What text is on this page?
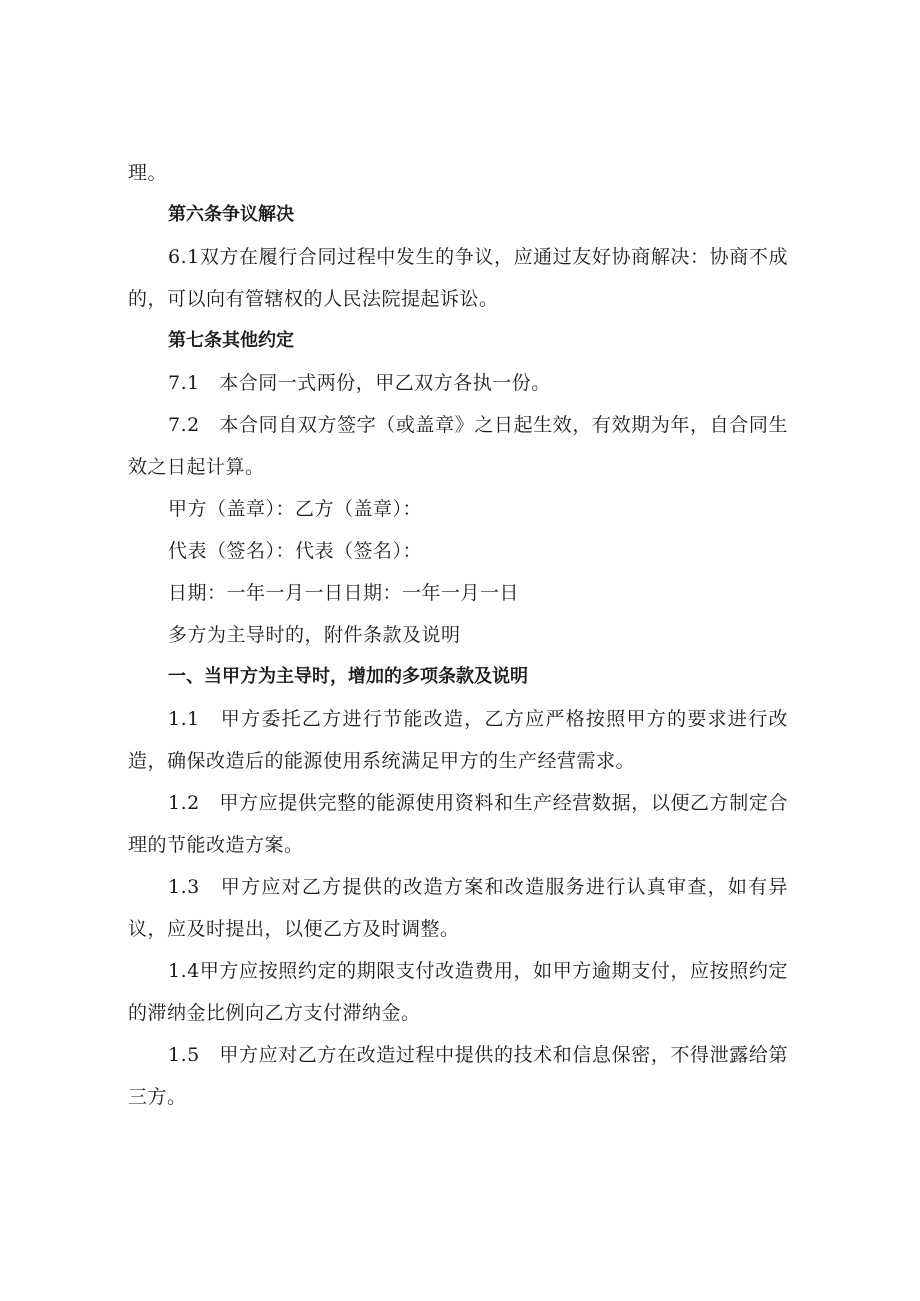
理。

第六条争议解决

6.1双方在履行合同过程中发生的争议，应通过友好协商解决：协商不成的，可以向有管辖权的人民法院提起诉讼。

第七条其他约定

7.1　本合同一式两份，甲乙双方各执一份。

7.2　本合同自双方签字（或盖章》之日起生效，有效期为年，自合同生效之日起计算。

甲方（盖章）：乙方（盖章）：

代表（签名）：代表（签名）：

日期：一年一月一日日期：一年一月一日

多方为主导时的，附件条款及说明

一、当甲方为主导时，增加的多项条款及说明

1.1　甲方委托乙方进行节能改造，乙方应严格按照甲方的要求进行改造，确保改造后的能源使用系统满足甲方的生产经营需求。

1.2　甲方应提供完整的能源使用资料和生产经营数据，以便乙方制定合理的节能改造方案。

1.3　甲方应对乙方提供的改造方案和改造服务进行认真审查，如有异议，应及时提出，以便乙方及时调整。

1.4甲方应按照约定的期限支付改造费用，如甲方逾期支付，应按照约定的滞纳金比例向乙方支付滞纳金。

1.5　甲方应对乙方在改造过程中提供的技术和信息保密，不得泄露给第三方。
